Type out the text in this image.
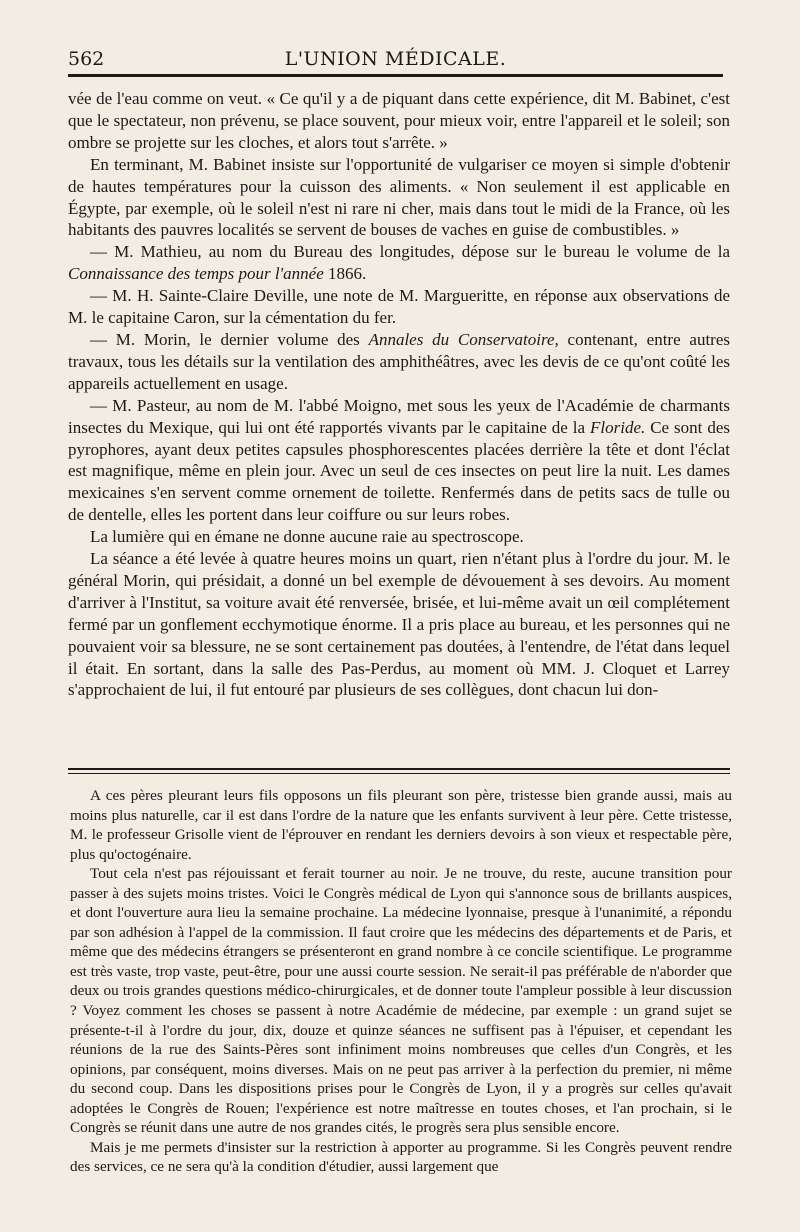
562	L'UNION MÉDICALE.

vée de l'eau comme on veut. « Ce qu'il y a de piquant dans cette expérience, dit M. Babinet, c'est que le spectateur, non prévenu, se place souvent, pour mieux voir, entre l'appareil et le soleil; son ombre se projette sur les cloches, et alors tout s'arrête. »

En terminant, M. Babinet insiste sur l'opportunité de vulgariser ce moyen si simple d'obtenir de hautes températures pour la cuisson des aliments. « Non seulement il est applicable en Égypte, par exemple, où le soleil n'est ni rare ni cher, mais dans tout le midi de la France, où les habitants des pauvres localités se servent de bouses de vaches en guise de combustibles. »

— M. Mathieu, au nom du Bureau des longitudes, dépose sur le bureau le volume de la Connaissance des temps pour l'année 1866.

— M. H. Sainte-Claire Deville, une note de M. Margueritte, en réponse aux observations de M. le capitaine Caron, sur la cémentation du fer.

— M. Morin, le dernier volume des Annales du Conservatoire, contenant, entre autres travaux, tous les détails sur la ventilation des amphithéâtres, avec les devis de ce qu'ont coûté les appareils actuellement en usage.

— M. Pasteur, au nom de M. l'abbé Moigno, met sous les yeux de l'Académie de charmants insectes du Mexique, qui lui ont été rapportés vivants par le capitaine de la Floride. Ce sont des pyrophores, ayant deux petites capsules phosphorescentes placées derrière la tête et dont l'éclat est magnifique, même en plein jour. Avec un seul de ces insectes on peut lire la nuit. Les dames mexicaines s'en servent comme ornement de toilette. Renfermés dans de petits sacs de tulle ou de dentelle, elles les portent dans leur coiffure ou sur leurs robes.

La lumière qui en émane ne donne aucune raie au spectroscope.

La séance a été levée à quatre heures moins un quart, rien n'étant plus à l'ordre du jour. M. le général Morin, qui présidait, a donné un bel exemple de dévouement à ses devoirs. Au moment d'arriver à l'Institut, sa voiture avait été renversée, brisée, et lui-même avait un œil complétement fermé par un gonflement ecchymotique énorme. Il a pris place au bureau, et les personnes qui ne pouvaient voir sa blessure, ne se sont certainement pas doutées, à l'entendre, de l'état dans lequel il était. En sortant, dans la salle des Pas-Perdus, au moment où MM. J. Cloquet et Larrey s'approchaient de lui, il fut entouré par plusieurs de ses collègues, dont chacun lui don-

A ces pères pleurant leurs fils opposons un fils pleurant son père, tristesse bien grande aussi, mais au moins plus naturelle, car il est dans l'ordre de la nature que les enfants survivent à leur père. Cette tristesse, M. le professeur Grisolle vient de l'éprouver en rendant les derniers devoirs à son vieux et respectable père, plus qu'octogénaire.

Tout cela n'est pas réjouissant et ferait tourner au noir. Je ne trouve, du reste, aucune transition pour passer à des sujets moins tristes. Voici le Congrès médical de Lyon qui s'annonce sous de brillants auspices, et dont l'ouverture aura lieu la semaine prochaine. La médecine lyonnaise, presque à l'unanimité, a répondu par son adhésion à l'appel de la commission. Il faut croire que les médecins des départements et de Paris, et même que des médecins étrangers se présenteront en grand nombre à ce concile scientifique. Le programme est très vaste, trop vaste, peut-être, pour une aussi courte session. Ne serait-il pas préférable de n'aborder que deux ou trois grandes questions médico-chirurgicales, et de donner toute l'ampleur possible à leur discussion ? Voyez comment les choses se passent à notre Académie de médecine, par exemple : un grand sujet se présente-t-il à l'ordre du jour, dix, douze et quinze séances ne suffisent pas à l'épuiser, et cependant les réunions de la rue des Saints-Pères sont infiniment moins nombreuses que celles d'un Congrès, et les opinions, par conséquent, moins diverses. Mais on ne peut pas arriver à la perfection du premier, ni même du second coup. Dans les dispositions prises pour le Congrès de Lyon, il y a progrès sur celles qu'avait adoptées le Congrès de Rouen; l'expérience est notre maîtresse en toutes choses, et l'an prochain, si le Congrès se réunit dans une autre de nos grandes cités, le progrès sera plus sensible encore.

Mais je me permets d'insister sur la restriction à apporter au programme. Si les Congrès peuvent rendre des services, ce ne sera qu'à la condition d'étudier, aussi largement que
